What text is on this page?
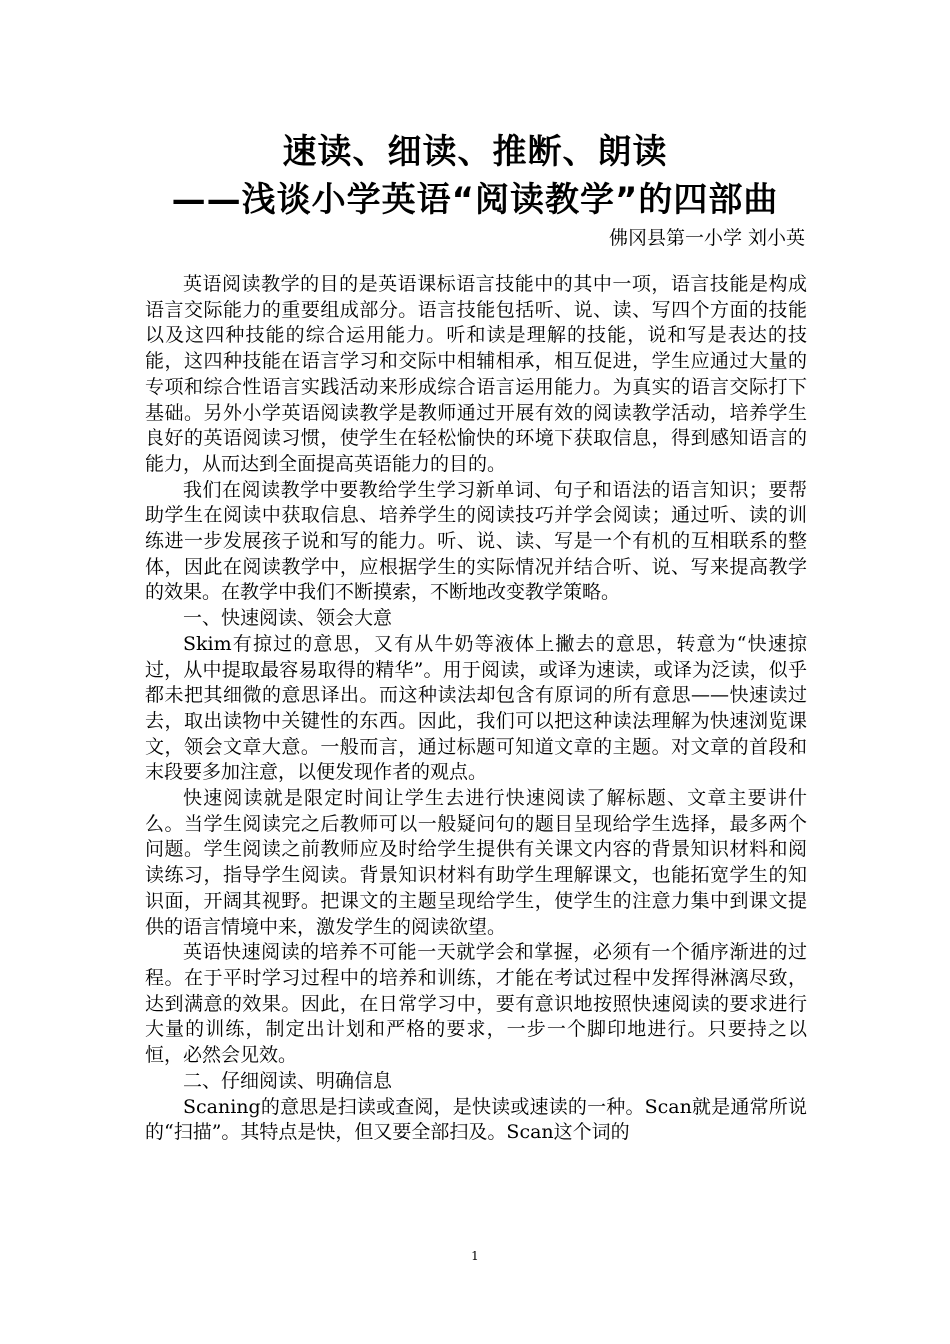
速读、细读、推断、朗读
——浅谈小学英语“阅读教学”的四部曲
佛冈县第一小学 刘小英

英语阅读教学的目的是英语课标语言技能中的其中一项，语言技能是构成语言交际能力的重要组成部分。语言技能包括听、说、读、写四个方面的技能以及这四种技能的综合运用能力。听和读是理解的技能，说和写是表达的技能，这四种技能在语言学习和交际中相辅相承，相互促进，学生应通过大量的专项和综合性语言实践活动来形成综合语言运用能力。为真实的语言交际打下基础。另外小学英语阅读教学是教师通过开展有效的阅读教学活动，培养学生良好的英语阅读习惯，使学生在轻松愉快的环境下获取信息，得到感知语言的能力，从而达到全面提高英语能力的目的。

我们在阅读教学中要教给学生学习新单词、句子和语法的语言知识；要帮助学生在阅读中获取信息、培养学生的阅读技巧并学会阅读；通过听、读的训练进一步发展孩子说和写的能力。听、说、读、写是一个有机的互相联系的整体，因此在阅读教学中，应根据学生的实际情况并结合听、说、写来提高教学的效果。在教学中我们不断摸索，不断地改变教学策略。

一、快速阅读、领会大意

Skim有掠过的意思，又有从牛奶等液体上撇去的意思，转意为“快速掠过，从中提取最容易取得的精华”。用于阅读，或译为速读，或译为泛读，似乎都未把其细微的意思译出。而这种读法却包含有原词的所有意思——快速读过去，取出读物中关键性的东西。因此，我们可以把这种读法理解为快速浏览课文，领会文章大意。一般而言，通过标题可知道文章的主题。对文章的首段和末段要多加注意，以便发现作者的观点。

快速阅读就是限定时间让学生去进行快速阅读了解标题、文章主要讲什么。当学生阅读完之后教师可以一般疑问句的题目呈现给学生选择，最多两个问题。学生阅读之前教师应及时给学生提供有关课文内容的背景知识材料和阅读练习，指导学生阅读。背景知识材料有助学生理解课文，也能拓宽学生的知识面，开阔其视野。把课文的主题呈现给学生，使学生的注意力集中到课文提供的语言情境中来，激发学生的阅读欲望。

英语快速阅读的培养不可能一天就学会和掌握，必须有一个循序渐进的过程。在于平时学习过程中的培养和训练，才能在考试过程中发挥得淋漓尽致，达到满意的效果。因此，在日常学习中，要有意识地按照快速阅读的要求进行大量的训练，制定出计划和严格的要求，一步一个脚印地进行。只要持之以恒，必然会见效。

二、仔细阅读、明确信息

Scaning的意思是扫读或查阅，是快读或速读的一种。Scan就是通常所说的“扫描”。其特点是快，但又要全部扫及。Scan这个词的

1
